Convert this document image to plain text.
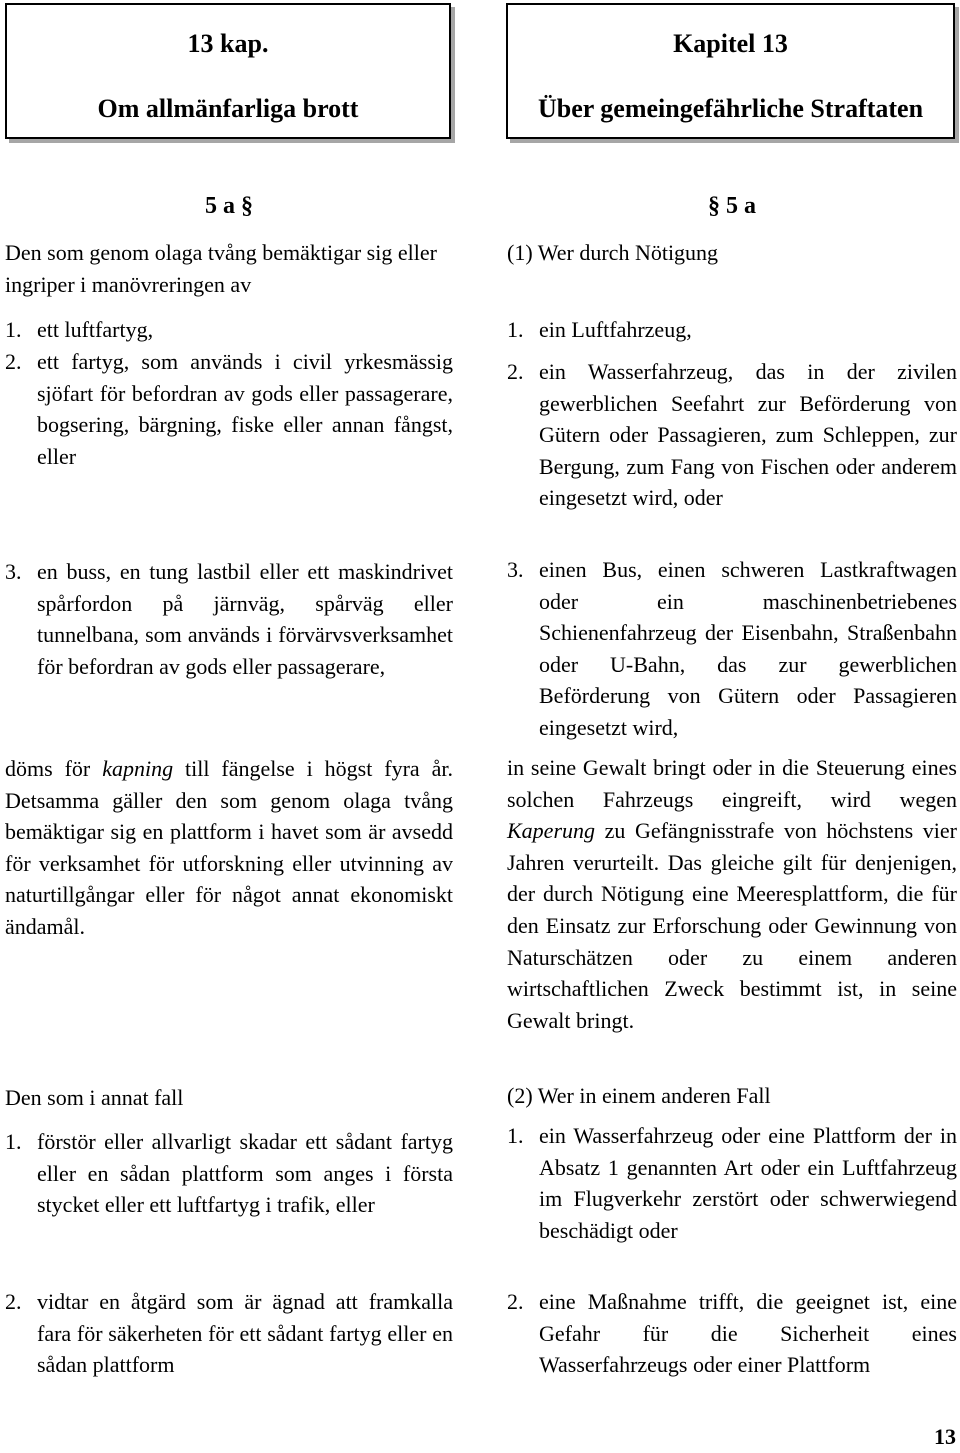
13 kap.
Om allmänfarliga brott
Kapitel 13
Über gemeingefährliche Straftaten
5 a §

Den som genom olaga tvång bemäktigar sig eller ingriper i manövreringen av

1. ett luftfartyg,
2. ett fartyg, som används i civil yrkesmässig sjöfart för befordran av gods eller passagerare, bogsering, bärgning, fiske eller annan fångst, eller
3. en buss, en tung lastbil eller ett maskindrivet spårfordon på järnväg, spårväg eller tunnelbana, som används i förvärvsverksamhet för befordran av gods eller passagerare,

döms för kapning till fängelse i högst fyra år. Detsamma gäller den som genom olaga tvång bemäktigar sig en plattform i havet som är avsedd för verksamhet för utforskning eller utvinning av naturtillgångar eller för något annat ekonomiskt ändamål.

Den som i annat fall

1. förstör eller allvarligt skadar ett sådant fartyg eller en sådan plattform som anges i första stycket eller ett luftfartyg i trafik, eller
2. vidtar en åtgärd som är ägnad att framkalla fara för säkerheten för ett sådant fartyg eller en sådan plattform
§ 5 a

(1) Wer durch Nötigung

1. ein Luftfahrzeug,
2. ein Wasserfahrzeug, das in der zivilen gewerblichen Seefahrt zur Beförderung von Gütern oder Passagieren, zum Schleppen, zur Bergung, zum Fang von Fischen oder anderem eingesetzt wird, oder
3. einen Bus, einen schweren Lastkraftwagen oder ein maschinenbetriebenes Schienenfahrzeug der Eisenbahn, Straßenbahn oder U-Bahn, das zur gewerblichen Beförderung von Gütern oder Passagieren eingesetzt wird,

in seine Gewalt bringt oder in die Steuerung eines solchen Fahrzeugs eingreift, wird wegen Kaperung zu Gefängnisstrafe von höchstens vier Jahren verurteilt. Das gleiche gilt für denjenigen, der durch Nötigung eine Meeresplattform, die für den Einsatz zur Erforschung oder Gewinnung von Naturschätzen oder zu einem anderen wirtschaftlichen Zweck bestimmt ist, in seine Gewalt bringt.

(2) Wer in einem anderen Fall

1. ein Wasserfahrzeug oder eine Plattform der in Absatz 1 genannten Art oder ein Luftfahrzeug im Flugverkehr zerstört oder schwerwiegend beschädigt oder
2. eine Maßnahme trifft, die geeignet ist, eine Gefahr für die Sicherheit eines Wasserfahrzeugs oder einer Plattform
13
